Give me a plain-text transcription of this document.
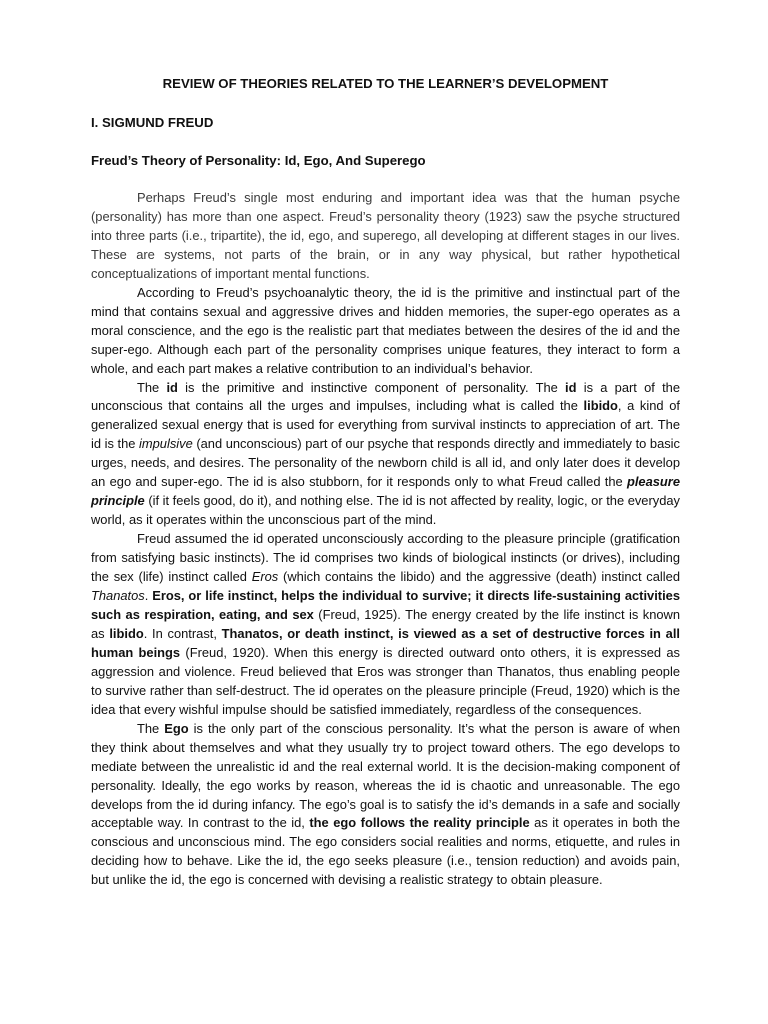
REVIEW OF THEORIES RELATED TO THE LEARNER’S DEVELOPMENT
I. SIGMUND FREUD
Freud’s Theory of Personality: Id, Ego, And Superego

Perhaps Freud’s single most enduring and important idea was that the human psyche (personality) has more than one aspect. Freud’s personality theory (1923) saw the psyche structured into three parts (i.e., tripartite), the id, ego, and superego, all developing at different stages in our lives. These are systems, not parts of the brain, or in any way physical, but rather hypothetical conceptualizations of important mental functions.

According to Freud’s psychoanalytic theory, the id is the primitive and instinctual part of the mind that contains sexual and aggressive drives and hidden memories, the super-ego operates as a moral conscience, and the ego is the realistic part that mediates between the desires of the id and the super-ego. Although each part of the personality comprises unique features, they interact to form a whole, and each part makes a relative contribution to an individual’s behavior.

The id is the primitive and instinctive component of personality. The id is a part of the unconscious that contains all the urges and impulses, including what is called the libido, a kind of generalized sexual energy that is used for everything from survival instincts to appreciation of art. The id is the impulsive (and unconscious) part of our psyche that responds directly and immediately to basic urges, needs, and desires. The personality of the newborn child is all id, and only later does it develop an ego and super-ego. The id is also stubborn, for it responds only to what Freud called the pleasure principle (if it feels good, do it), and nothing else. The id is not affected by reality, logic, or the everyday world, as it operates within the unconscious part of the mind.

Freud assumed the id operated unconsciously according to the pleasure principle (gratification from satisfying basic instincts). The id comprises two kinds of biological instincts (or drives), including the sex (life) instinct called Eros (which contains the libido) and the aggressive (death) instinct called Thanatos. Eros, or life instinct, helps the individual to survive; it directs life-sustaining activities such as respiration, eating, and sex (Freud, 1925). The energy created by the life instinct is known as libido. In contrast, Thanatos, or death instinct, is viewed as a set of destructive forces in all human beings (Freud, 1920). When this energy is directed outward onto others, it is expressed as aggression and violence. Freud believed that Eros was stronger than Thanatos, thus enabling people to survive rather than self-destruct. The id operates on the pleasure principle (Freud, 1920) which is the idea that every wishful impulse should be satisfied immediately, regardless of the consequences.

The Ego is the only part of the conscious personality. It’s what the person is aware of when they think about themselves and what they usually try to project toward others. The ego develops to mediate between the unrealistic id and the real external world. It is the decision-making component of personality. Ideally, the ego works by reason, whereas the id is chaotic and unreasonable. The ego develops from the id during infancy. The ego’s goal is to satisfy the id’s demands in a safe and socially acceptable way. In contrast to the id, the ego follows the reality principle as it operates in both the conscious and unconscious mind. The ego considers social realities and norms, etiquette, and rules in deciding how to behave. Like the id, the ego seeks pleasure (i.e., tension reduction) and avoids pain, but unlike the id, the ego is concerned with devising a realistic strategy to obtain pleasure.
